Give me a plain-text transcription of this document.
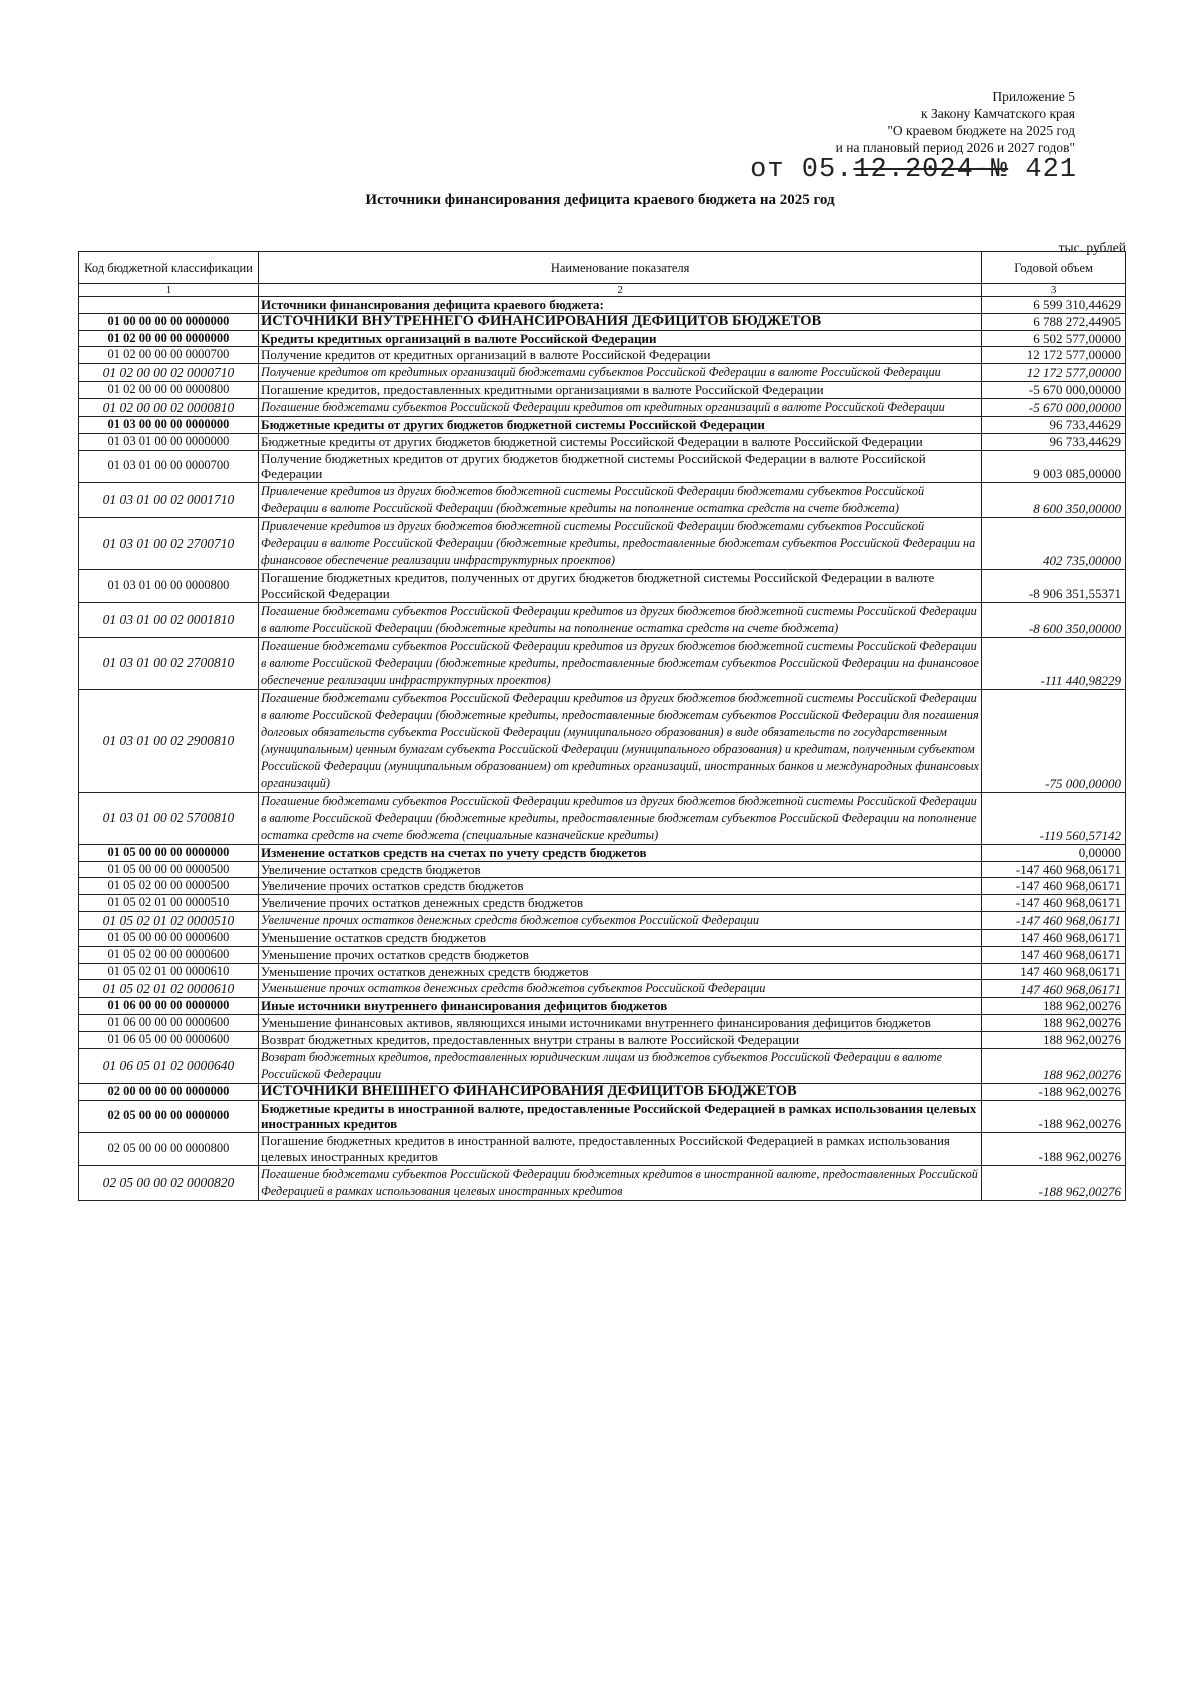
Приложение 5
к Закону Камчатского края
"О краевом бюджете на 2025 год
и на плановый период 2026 и 2027 годов"
от 05.12.2024-№ 421
Источники финансирования дефицита краевого бюджета на 2025 год
тыс. рублей
Код бюджетной классификации	Наименование показателя	Годовой объем
1	2	3
	Источники финансирования дефицита краевого бюджета:	6 599 310,44629
01 00 00 00 00 0000000	ИСТОЧНИКИ ВНУТРЕННЕГО ФИНАНСИРОВАНИЯ ДЕФИЦИТОВ БЮДЖЕТОВ	6 788 272,44905
01 02 00 00 00 0000000	Кредиты кредитных организаций в валюте Российской Федерации	6 502 577,00000
01 02 00 00 00 0000700	Получение кредитов от кредитных организаций в валюте Российской Федерации	12 172 577,00000
01 02 00 00 02 0000710	Получение кредитов от кредитных организаций бюджетами субъектов Российской Федерации в валюте Российской Федерации	12 172 577,00000
01 02 00 00 00 0000800	Погашение кредитов, предоставленных кредитными организациями в валюте Российской Федерации	-5 670 000,00000
01 02 00 00 02 0000810	Погашение бюджетами субъектов Российской Федерации кредитов от кредитных организаций в валюте Российской Федерации	-5 670 000,00000
01 03 00 00 00 0000000	Бюджетные кредиты от других бюджетов бюджетной системы Российской Федерации	96 733,44629
01 03 01 00 00 0000000	Бюджетные кредиты от других бюджетов бюджетной системы Российской Федерации в валюте Российской Федерации	96 733,44629
01 03 01 00 00 0000700	Получение бюджетных кредитов от других бюджетов бюджетной системы Российской Федерации в валюте Российской Федерации	9 003 085,00000
01 03 01 00 02 0001710	Привлечение кредитов из других бюджетов бюджетной системы Российской Федерации бюджетами субъектов Российской Федерации в валюте Российской Федерации (бюджетные кредиты на пополнение остатка средств на счете бюджета)	8 600 350,00000
01 03 01 00 02 2700710	Привлечение кредитов из других бюджетов бюджетной системы Российской Федерации бюджетами субъектов Российской Федерации в валюте Российской Федерации (бюджетные кредиты, предоставленные бюджетам субъектов Российской Федерации на финансовое обеспечение реализации инфраструктурных проектов)	402 735,00000
01 03 01 00 00 0000800	Погашение бюджетных кредитов, полученных от других бюджетов бюджетной системы Российской Федерации в валюте Российской Федерации	-8 906 351,55371
01 03 01 00 02 0001810	Погашение бюджетами субъектов Российской Федерации кредитов из других бюджетов бюджетной системы Российской Федерации в валюте Российской Федерации (бюджетные кредиты на пополнение остатка средств на счете бюджета)	-8 600 350,00000
01 03 01 00 02 2700810	Погашение бюджетами субъектов Российской Федерации кредитов из других бюджетов бюджетной системы Российской Федерации в валюте Российской Федерации (бюджетные кредиты, предоставленные бюджетам субъектов Российской Федерации на финансовое обеспечение реализации инфраструктурных проектов)	-111 440,98229
01 03 01 00 02 2900810	Погашение бюджетами субъектов Российской Федерации кредитов из других бюджетов бюджетной системы Российской Федерации в валюте Российской Федерации (бюджетные кредиты, предоставленные бюджетам субъектов Российской Федерации для погашения долговых обязательств субъекта Российской Федерации (муниципального образования) в виде обязательств по государственным (муниципальным) ценным бумагам субъекта Российской Федерации (муниципального образования) и кредитам, полученным субъектом Российской Федерации (муниципальным образованием) от кредитных организаций, иностранных банков и международных финансовых организаций)	-75 000,00000
01 03 01 00 02 5700810	Погашение бюджетами субъектов Российской Федерации кредитов из других бюджетов бюджетной системы Российской Федерации в валюте Российской Федерации (бюджетные кредиты, предоставленные бюджетам субъектов Российской Федерации на пополнение остатка средств на счете бюджета (специальные казначейские кредиты)	-119 560,57142
01 05 00 00 00 0000000	Изменение остатков средств на счетах по учету средств бюджетов	0,00000
01 05 00 00 00 0000500	Увеличение остатков средств бюджетов	-147 460 968,06171
01 05 02 00 00 0000500	Увеличение прочих остатков средств бюджетов	-147 460 968,06171
01 05 02 01 00 0000510	Увеличение прочих остатков денежных средств бюджетов	-147 460 968,06171
01 05 02 01 02 0000510	Увеличение прочих остатков денежных средств бюджетов субъектов Российской Федерации	-147 460 968,06171
01 05 00 00 00 0000600	Уменьшение остатков средств бюджетов	147 460 968,06171
01 05 02 00 00 0000600	Уменьшение прочих остатков средств бюджетов	147 460 968,06171
01 05 02 01 00 0000610	Уменьшение прочих остатков денежных средств бюджетов	147 460 968,06171
01 05 02 01 02 0000610	Уменьшение прочих остатков денежных средств бюджетов субъектов Российской Федерации	147 460 968,06171
01 06 00 00 00 0000000	Иные источники внутреннего финансирования дефицитов бюджетов	188 962,00276
01 06 00 00 00 0000600	Уменьшение финансовых активов, являющихся иными источниками внутреннего финансирования дефицитов бюджетов	188 962,00276
01 06 05 00 00 0000600	Возврат бюджетных кредитов, предоставленных внутри страны в валюте Российской Федерации	188 962,00276
01 06 05 01 02 0000640	Возврат бюджетных кредитов, предоставленных юридическим лицам из бюджетов субъектов Российской Федерации в валюте Российской Федерации	188 962,00276
02 00 00 00 00 0000000	ИСТОЧНИКИ ВНЕШНЕГО ФИНАНСИРОВАНИЯ ДЕФИЦИТОВ БЮДЖЕТОВ	-188 962,00276
02 05 00 00 00 0000000	Бюджетные кредиты в иностранной валюте, предоставленные Российской Федерацией в рамках использования целевых иностранных кредитов	-188 962,00276
02 05 00 00 00 0000800	Погашение бюджетных кредитов в иностранной валюте, предоставленных Российской Федерацией в рамках использования целевых иностранных кредитов	-188 962,00276
02 05 00 00 02 0000820	Погашение бюджетами субъектов Российской Федерации бюджетных кредитов в иностранной валюте, предоставленных Российской Федерацией в рамках использования целевых иностранных кредитов	-188 962,00276
